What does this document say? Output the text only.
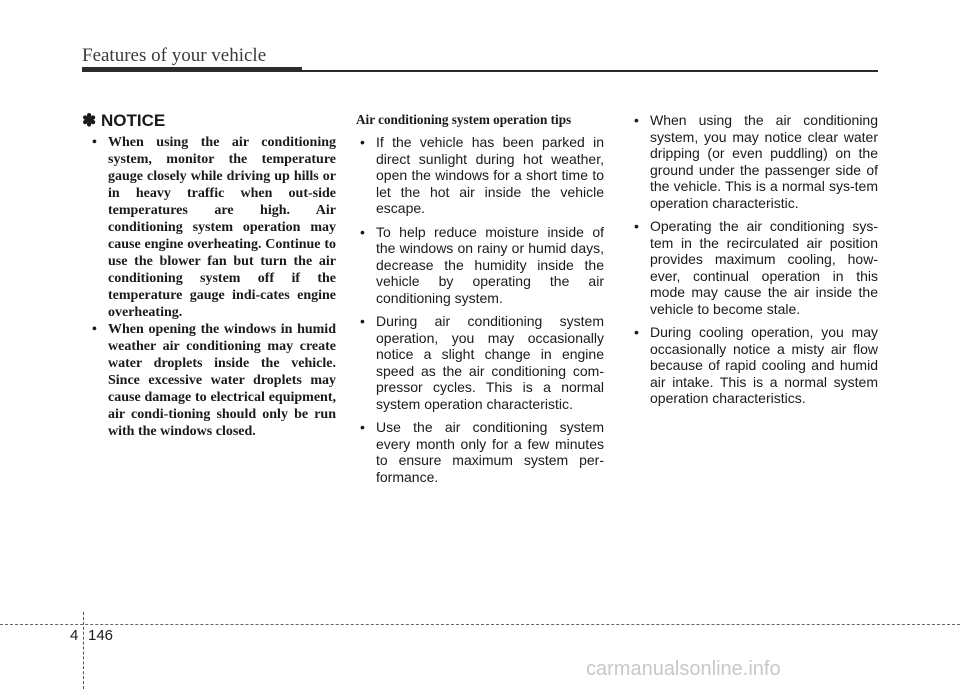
Features of your vehicle
✽ NOTICE
• When using the air conditioning system, monitor the temperature gauge closely while driving up hills or in heavy traffic when out-side temperatures are high. Air conditioning system operation may cause engine overheating. Continue to use the blower fan but turn the air conditioning system off if the temperature gauge indi-cates engine overheating.
• When opening the windows in humid weather air conditioning may create water droplets inside the vehicle. Since excessive water droplets may cause damage to electrical equipment, air condi-tioning should only be run with the windows closed.
Air conditioning system operation tips
• If the vehicle has been parked in direct sunlight during hot weather, open the windows for a short time to let the hot air inside the vehicle escape.
• To help reduce moisture inside of the windows on rainy or humid days, decrease the humidity inside the vehicle by operating the air conditioning system.
• During air conditioning system operation, you may occasionally notice a slight change in engine speed as the air conditioning com-pressor cycles. This is a normal system operation characteristic.
• Use the air conditioning system every month only for a few minutes to ensure maximum system per-formance.
• When using the air conditioning system, you may notice clear water dripping (or even puddling) on the ground under the passenger side of the vehicle. This is a normal sys-tem operation characteristic.
• Operating the air conditioning sys-tem in the recirculated air position provides maximum cooling, how-ever, continual operation in this mode may cause the air inside the vehicle to become stale.
• During cooling operation, you may occasionally notice a misty air flow because of rapid cooling and humid air intake. This is a normal system operation characteristics.
4 146
carmanualsonline.info
